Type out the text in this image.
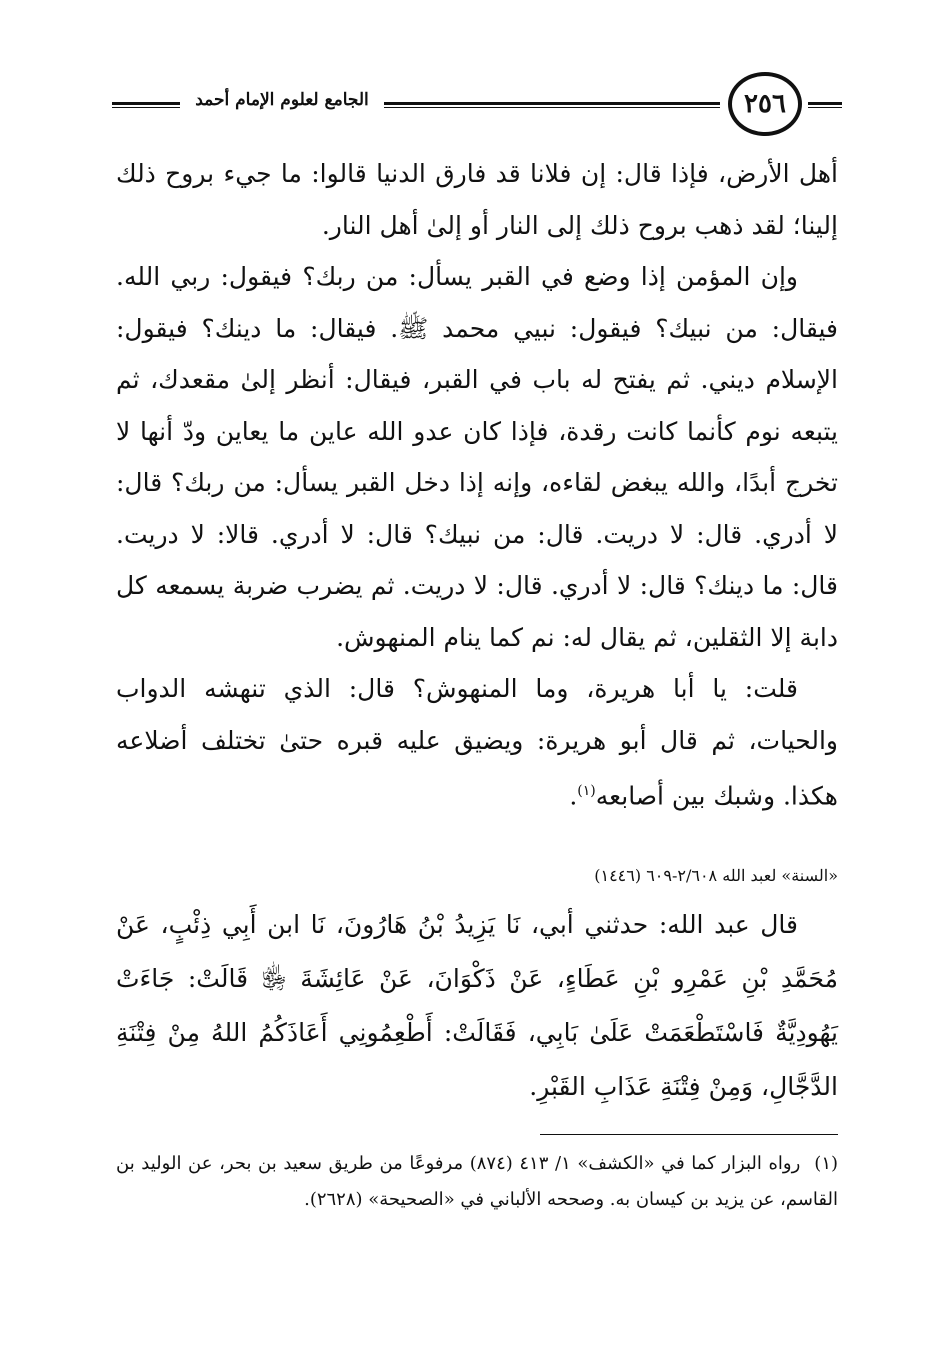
٢٥٦
الجامع لعلوم الإمام أحمد

أهل الأرض، فإذا قال: إن فلانا قد فارق الدنيا قالوا: ما جيء بروح ذلك إلينا؛ لقد ذهب بروح ذلك إلى النار أو إلىٰ أهل النار.

وإن المؤمن إذا وضع في القبر يسأل: من ربك؟ فيقول: ربي الله. فيقال: من نبيك؟ فيقول: نبيي محمد ﷺ. فيقال: ما دينك؟ فيقول: الإسلام ديني. ثم يفتح له باب في القبر، فيقال: أنظر إلىٰ مقعدك، ثم يتبعه نوم كأنما كانت رقدة، فإذا كان عدو الله عاين ما يعاين ودّ أنها لا تخرج أبدًا، والله يبغض لقاءه، وإنه إذا دخل القبر يسأل: من ربك؟ قال: لا أدري. قال: لا دريت. قال: من نبيك؟ قال: لا أدري. قالا: لا دريت. قال: ما دينك؟ قال: لا أدري. قال: لا دريت. ثم يضرب ضربة يسمعه كل دابة إلا الثقلين، ثم يقال له: نم كما ينام المنهوش.

قلت: يا أبا هريرة، وما المنهوش؟ قال: الذي تنهشه الدواب والحيات، ثم قال أبو هريرة: ويضيق عليه قبره حتىٰ تختلف أضلاعه هكذا. وشبك بين أصابعه$^{(١)}$.

«السنة» لعبد الله ٢/٦٠٨-٦٠٩ (١٤٤٦)

قال عبد الله: حدثني أبي، نَا يَزِيدُ بْنُ هَارُونَ، نَا ابن أَبِي ذِئْبٍ، عَنْ مُحَمَّدِ بْنِ عَمْرِو بْنِ عَطَاءٍ، عَنْ ذَكْوَانَ، عَنْ عَائِشَةَ ﵂ قَالَتْ: جَاءَتْ يَهُودِيَّةٌ فَاسْتَطْعَمَتْ عَلَىٰ بَابِي، فَقَالَتْ: أَطْعِمُونِي أَعَاذَكُمُ اللهُ مِنْ فِتْنَةِ الدَّجَّالِ، وَمِنْ فِتْنَةِ عَذَابِ القَبْرِ.

(١)رواه البزار كما في «الكشف» ١/ ٤١٣ (٨٧٤) مرفوعًا من طريق سعيد بن بحر، عن الوليد بن القاسم، عن يزيد بن كيسان به. وصححه الألباني في «الصحيحة» (٢٦٢٨).
